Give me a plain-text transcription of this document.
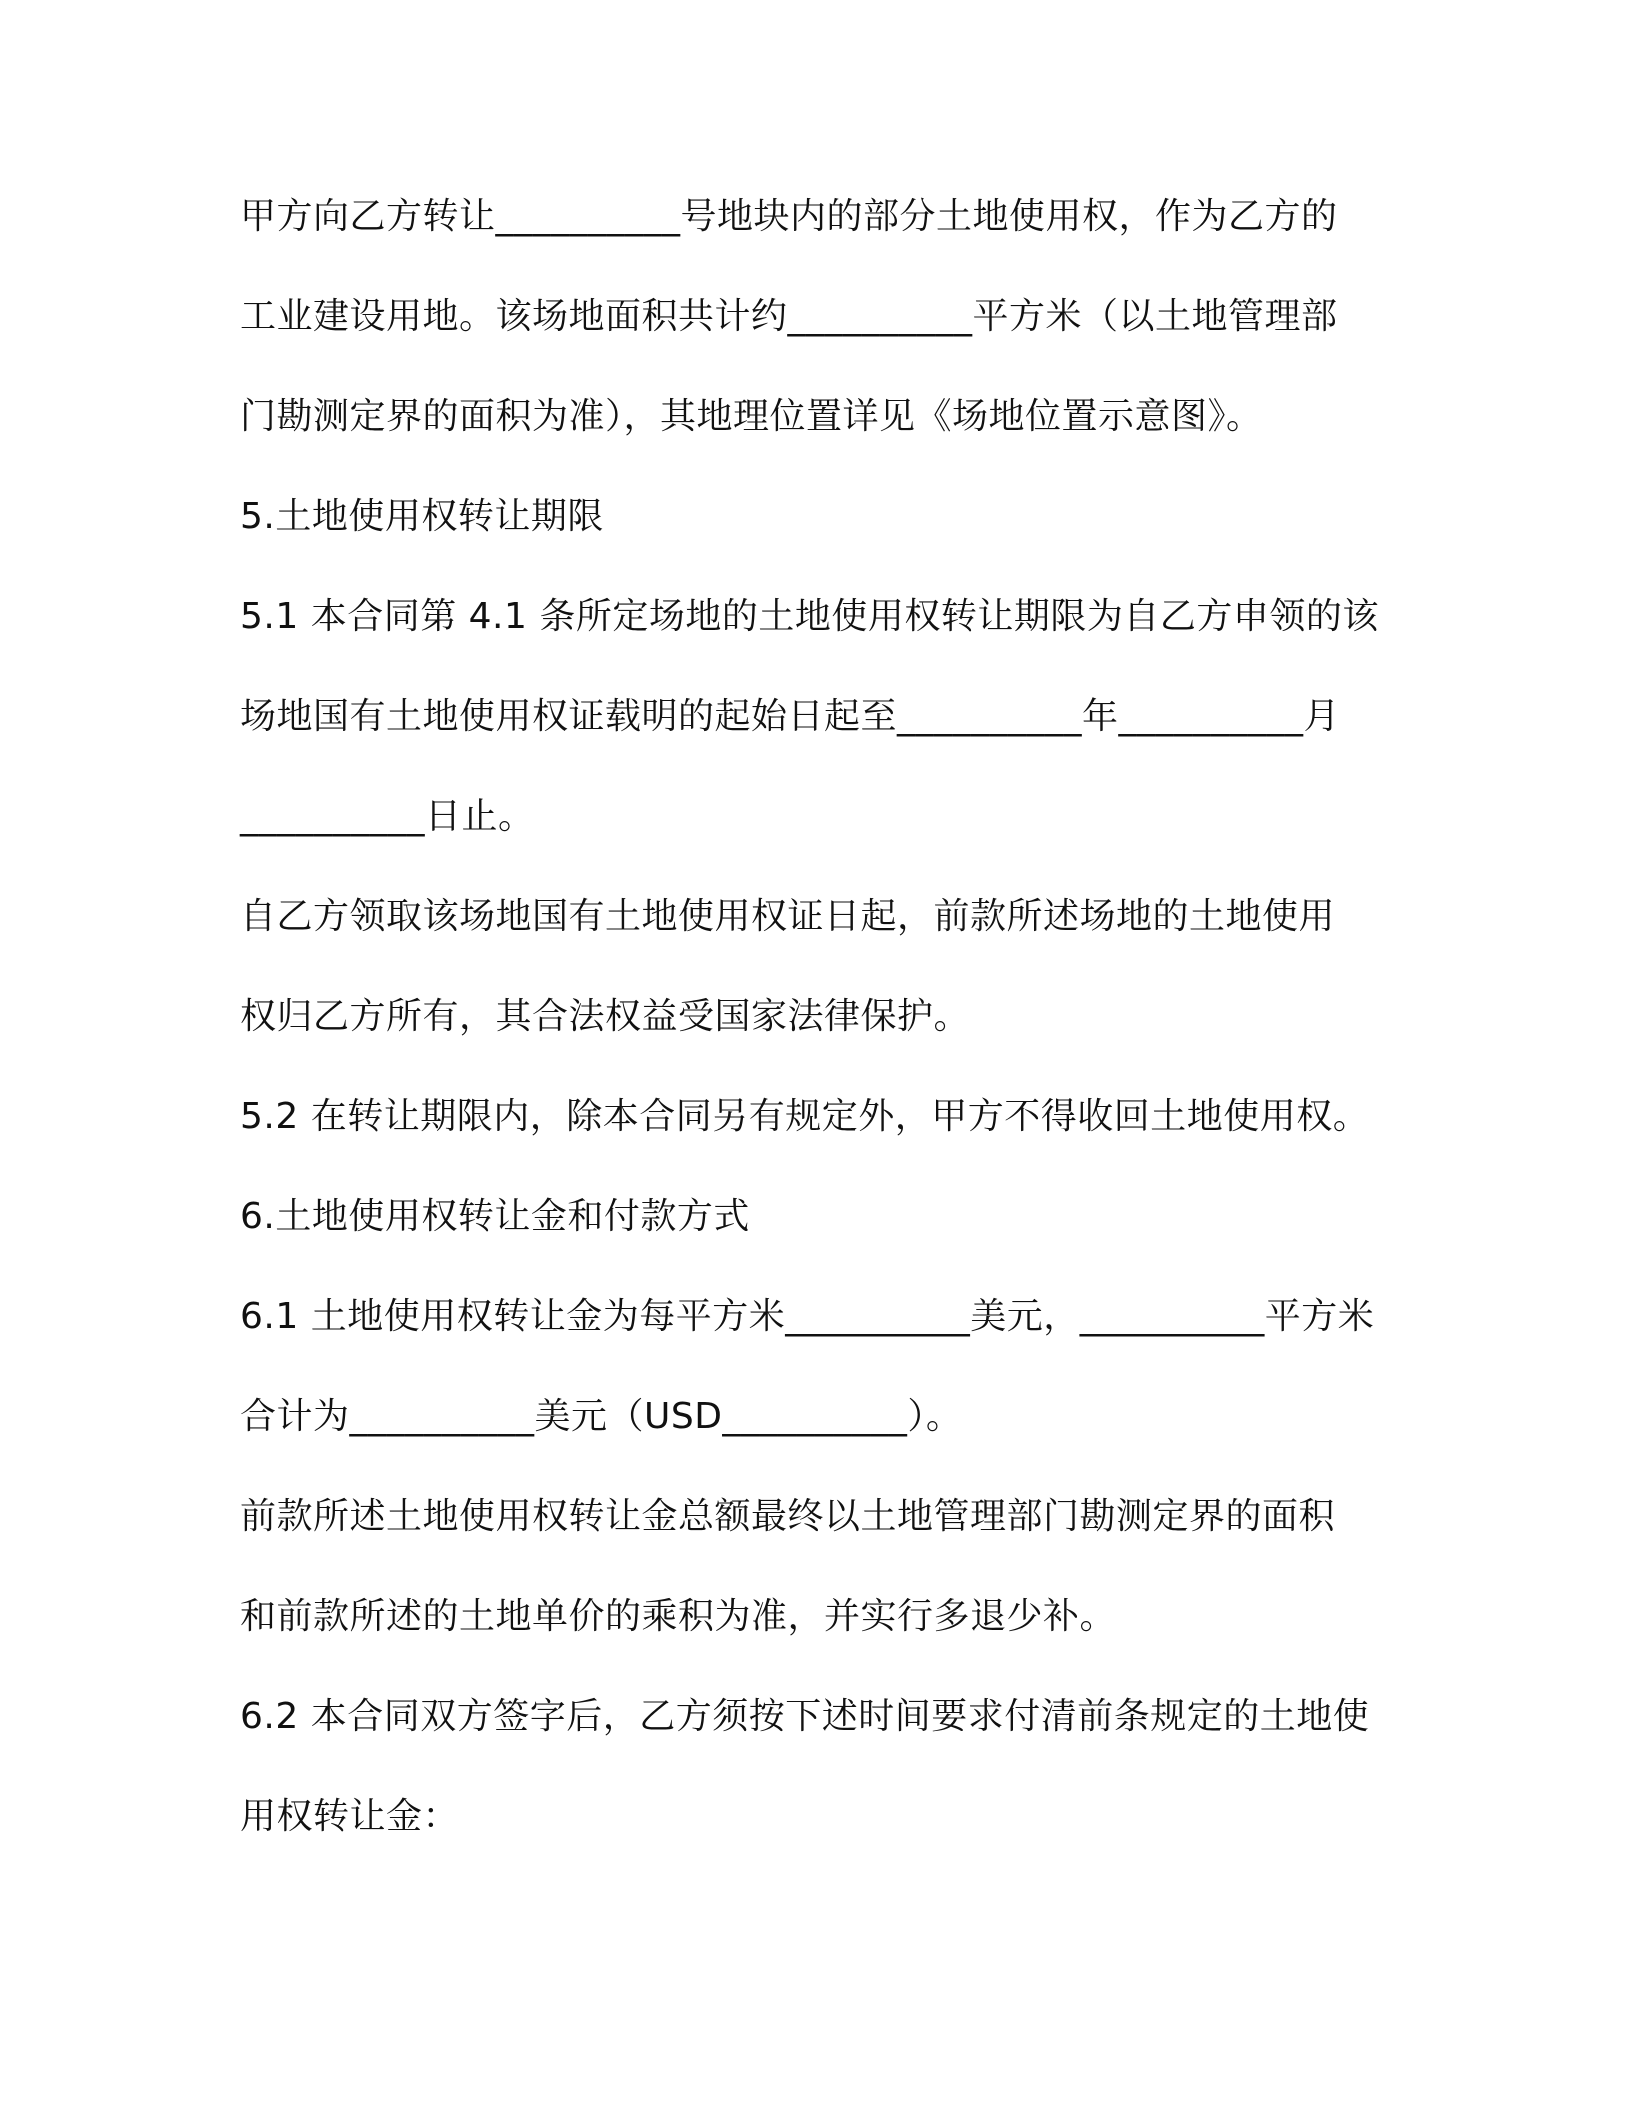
甲方向乙方转让__________号地块内的部分土地使用权，作为乙方的
工业建设用地。该场地面积共计约__________平方米（以土地管理部
门勘测定界的面积为准），其地理位置详见《场地位置示意图》。
5.土地使用权转让期限
5.1 本合同第 4.1 条所定场地的土地使用权转让期限为自乙方申领的该
场地国有土地使用权证载明的起始日起至__________年__________月
__________日止。
自乙方领取该场地国有土地使用权证日起，前款所述场地的土地使用
权归乙方所有，其合法权益受国家法律保护。
5.2 在转让期限内，除本合同另有规定外，甲方不得收回土地使用权。
6.土地使用权转让金和付款方式
6.1 土地使用权转让金为每平方米__________美元，__________平方米
合计为__________美元（USD__________）。
前款所述土地使用权转让金总额最终以土地管理部门勘测定界的面积
和前款所述的土地单价的乘积为准，并实行多退少补。
6.2 本合同双方签字后，乙方须按下述时间要求付清前条规定的土地使
用权转让金：
